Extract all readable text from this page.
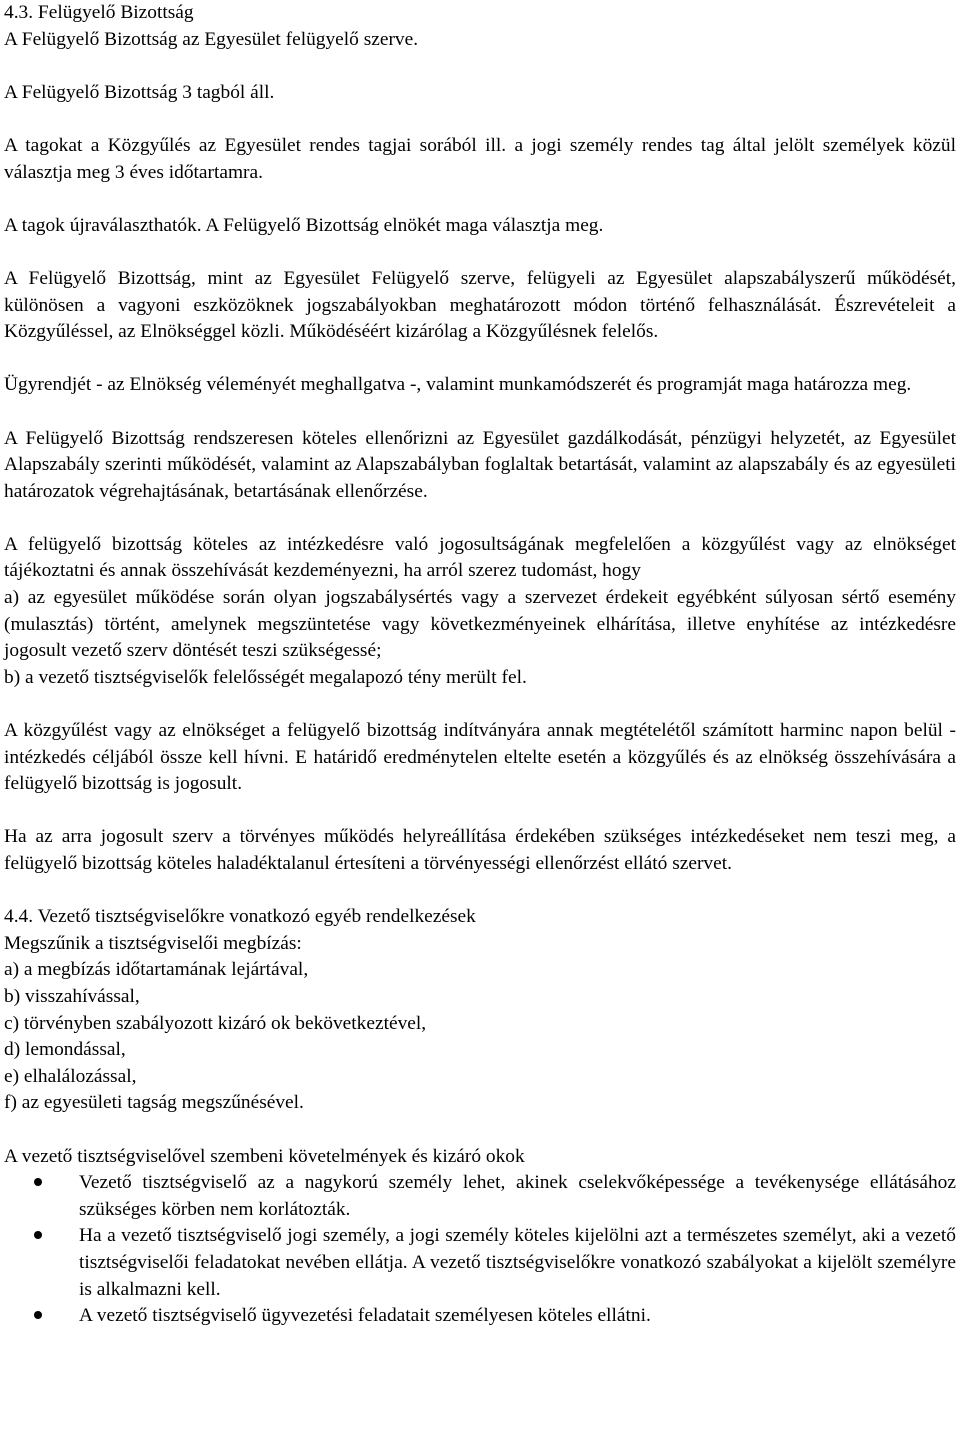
4.3. Felügyelő Bizottság

A Felügyelő Bizottság az Egyesület felügyelő szerve.

A Felügyelő Bizottság 3 tagból áll.

A tagokat a Közgyűlés az Egyesület rendes tagjai sorából ill. a jogi személy rendes tag által jelölt személyek közül választja meg 3 éves időtartamra.

A tagok újraválaszthatók. A Felügyelő Bizottság elnökét maga választja meg.

A Felügyelő Bizottság, mint az Egyesület Felügyelő szerve, felügyeli az Egyesület alapszabályszerű működését, különösen a vagyoni eszközöknek jogszabályokban meghatározott módon történő felhasználását. Észrevételeit a Közgyűléssel, az Elnökséggel közli. Működéséért kizárólag a Közgyűlésnek felelős.

Ügyrendjét - az Elnökség véleményét meghallgatva -, valamint munkamódszerét és programját maga határozza meg.

A Felügyelő Bizottság rendszeresen köteles ellenőrizni az Egyesület gazdálkodását, pénzügyi helyzetét, az Egyesület Alapszabály szerinti működését, valamint az Alapszabályban foglaltak betartását, valamint az alapszabály és az egyesületi határozatok végrehajtásának, betartásának ellenőrzése.

A felügyelő bizottság köteles az intézkedésre való jogosultságának megfelelően a közgyűlést vagy az elnökséget tájékoztatni és annak összehívását kezdeményezni, ha arról szerez tudomást, hogy

a) az egyesület működése során olyan jogszabálysértés vagy a szervezet érdekeit egyébként súlyosan sértő esemény (mulasztás) történt, amelynek megszüntetése vagy következményeinek elhárítása, illetve enyhítése az intézkedésre jogosult vezető szerv döntését teszi szükségessé;

b) a vezető tisztségviselők felelősségét megalapozó tény merült fel.

A közgyűlést vagy az elnökséget a felügyelő bizottság indítványára annak megtételétől számított harminc napon belül - intézkedés céljából össze kell hívni. E határidő eredménytelen eltelte esetén a közgyűlés és az elnökség összehívására a felügyelő bizottság is jogosult.

Ha az arra jogosult szerv a törvényes működés helyreállítása érdekében szükséges intézkedéseket nem teszi meg, a felügyelő bizottság köteles haladéktalanul értesíteni a törvényességi ellenőrzést ellátó szervet.

4.4. Vezető tisztségviselőkre vonatkozó egyéb rendelkezések

Megszűnik a tisztségviselői megbízás:

a) a megbízás időtartamának lejártával,
b) visszahívással,
c) törvényben szabályozott kizáró ok bekövetkeztével,
d) lemondással,
e) elhalálozással,
f) az egyesületi tagság megszűnésével.

A vezető tisztségviselővel szembeni követelmények és kizáró okok

Vezető tisztségviselő az a nagykorú személy lehet, akinek cselekvőképessége a tevékenysége ellátásához szükséges körben nem korlátozták.
Ha a vezető tisztségviselő jogi személy, a jogi személy köteles kijelölni azt a természetes személyt, aki a vezető tisztségviselői feladatokat nevében ellátja. A vezető tisztségviselőkre vonatkozó szabályokat a kijelölt személyre is alkalmazni kell.
A vezető tisztségviselő ügyvezetési feladatait személyesen köteles ellátni.
